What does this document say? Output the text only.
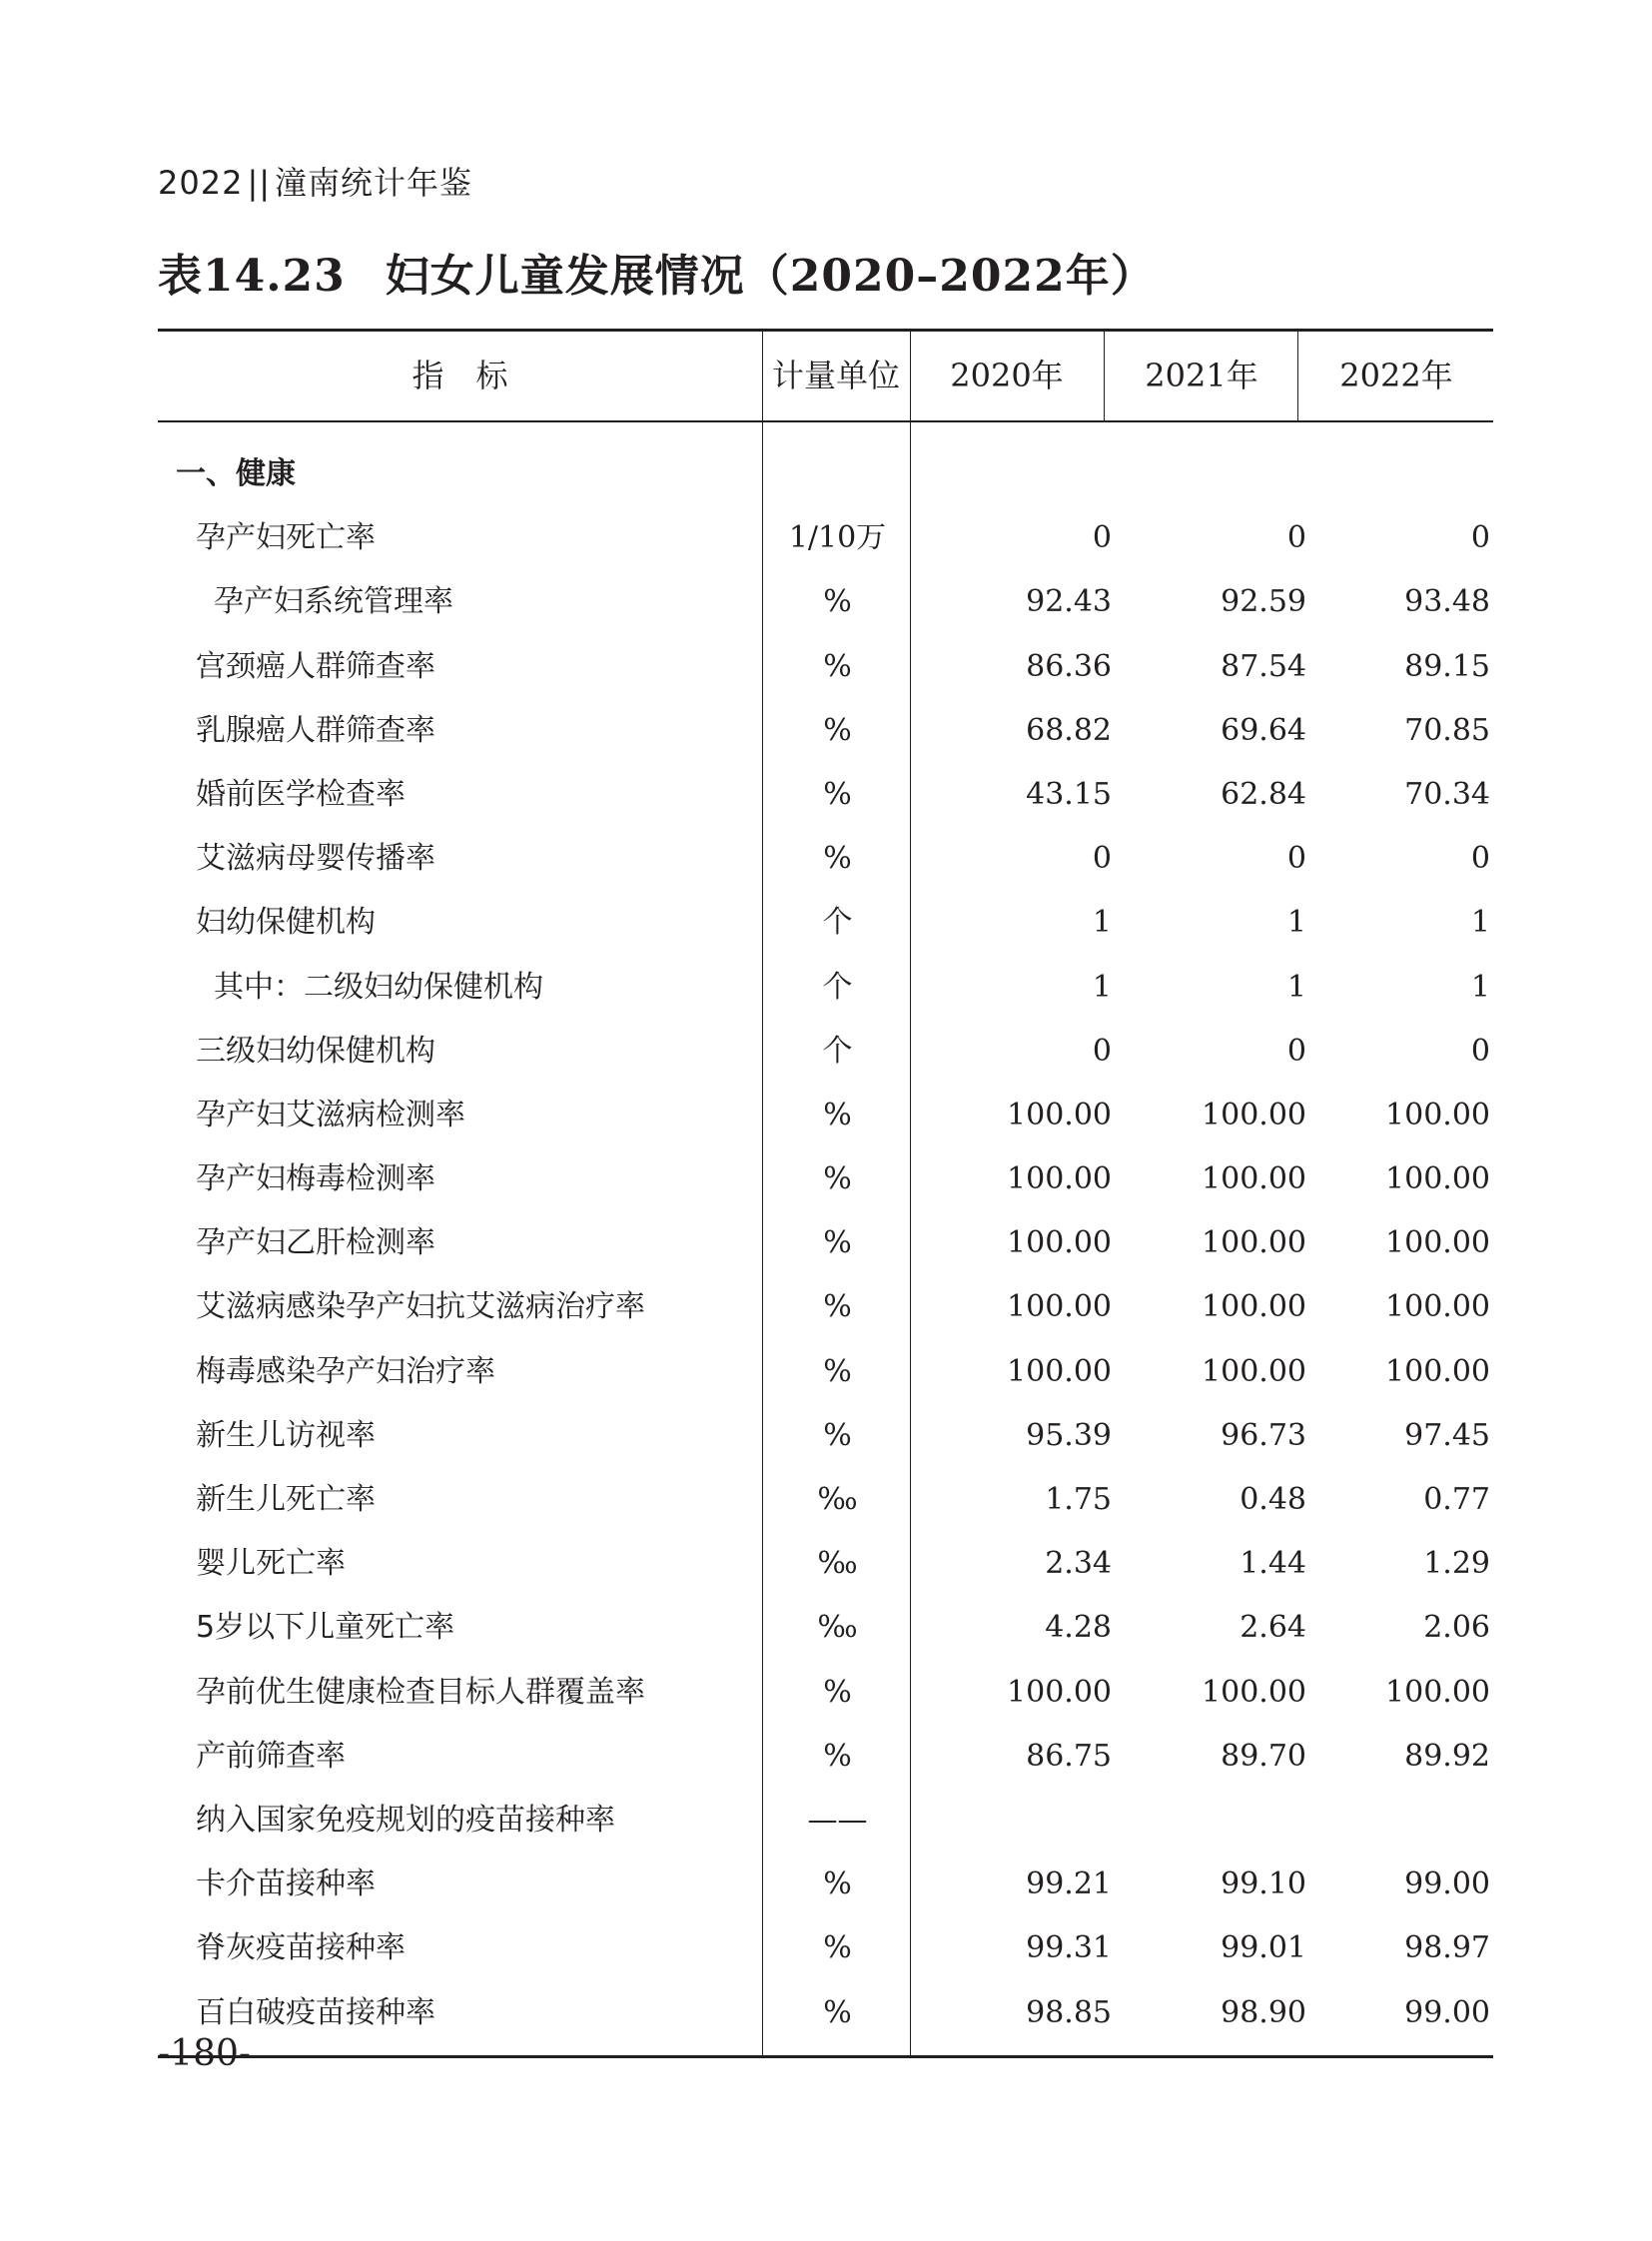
2022 || 潼南统计年鉴
表14.23 妇女儿童发展情况（2020–2022年）
指　标	计量单位	2020年	2021年	2022年
一、健康
孕产妇死亡率	1/10万	0	0	0
孕产妇系统管理率	%	92.43	92.59	93.48
宫颈癌人群筛查率	%	86.36	87.54	89.15
乳腺癌人群筛查率	%	68.82	69.64	70.85
婚前医学检查率	%	43.15	62.84	70.34
艾滋病母婴传播率	%	0	0	0
妇幼保健机构	个	1	1	1
其中：二级妇幼保健机构	个	1	1	1
三级妇幼保健机构	个	0	0	0
孕产妇艾滋病检测率	%	100.00	100.00	100.00
孕产妇梅毒检测率	%	100.00	100.00	100.00
孕产妇乙肝检测率	%	100.00	100.00	100.00
艾滋病感染孕产妇抗艾滋病治疗率	%	100.00	100.00	100.00
梅毒感染孕产妇治疗率	%	100.00	100.00	100.00
新生儿访视率	%	95.39	96.73	97.45
新生儿死亡率	‰	1.75	0.48	0.77
婴儿死亡率	‰	2.34	1.44	1.29
5岁以下儿童死亡率	‰	4.28	2.64	2.06
孕前优生健康检查目标人群覆盖率	%	100.00	100.00	100.00
产前筛查率	%	86.75	89.70	89.92
纳入国家免疫规划的疫苗接种率	——
卡介苗接种率	%	99.21	99.10	99.00
脊灰疫苗接种率	%	99.31	99.01	98.97
百白破疫苗接种率	%	98.85	98.90	99.00
-180-
